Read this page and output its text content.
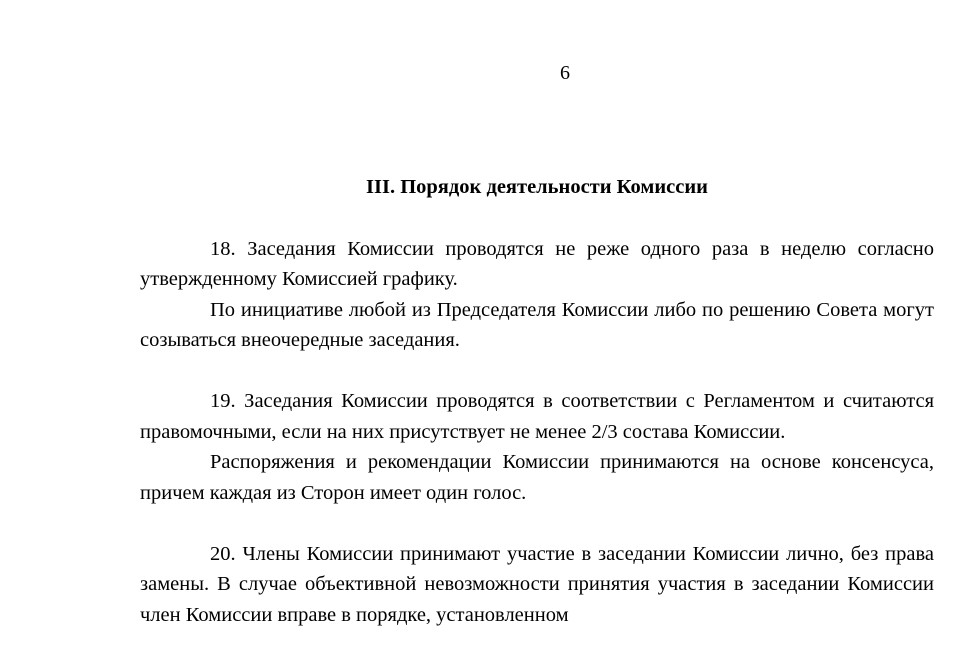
6
III. Порядок деятельности Комиссии

18. Заседания Комиссии проводятся не реже одного раза в неделю согласно утвержденному Комиссией графику.

По инициативе любой из Председателя Комиссии либо по решению Совета могут созываться внеочередные заседания.

19. Заседания Комиссии проводятся в соответствии с Регламентом и считаются правомочными, если на них присутствует не менее 2/3 состава Комиссии.

Распоряжения и рекомендации Комиссии принимаются на основе консенсуса, причем каждая из Сторон имеет один голос.

20. Члены Комиссии принимают участие в заседании Комиссии лично, без права замены. В случае объективной невозможности принятия участия в заседании Комиссии член Комиссии вправе в порядке, установленном
